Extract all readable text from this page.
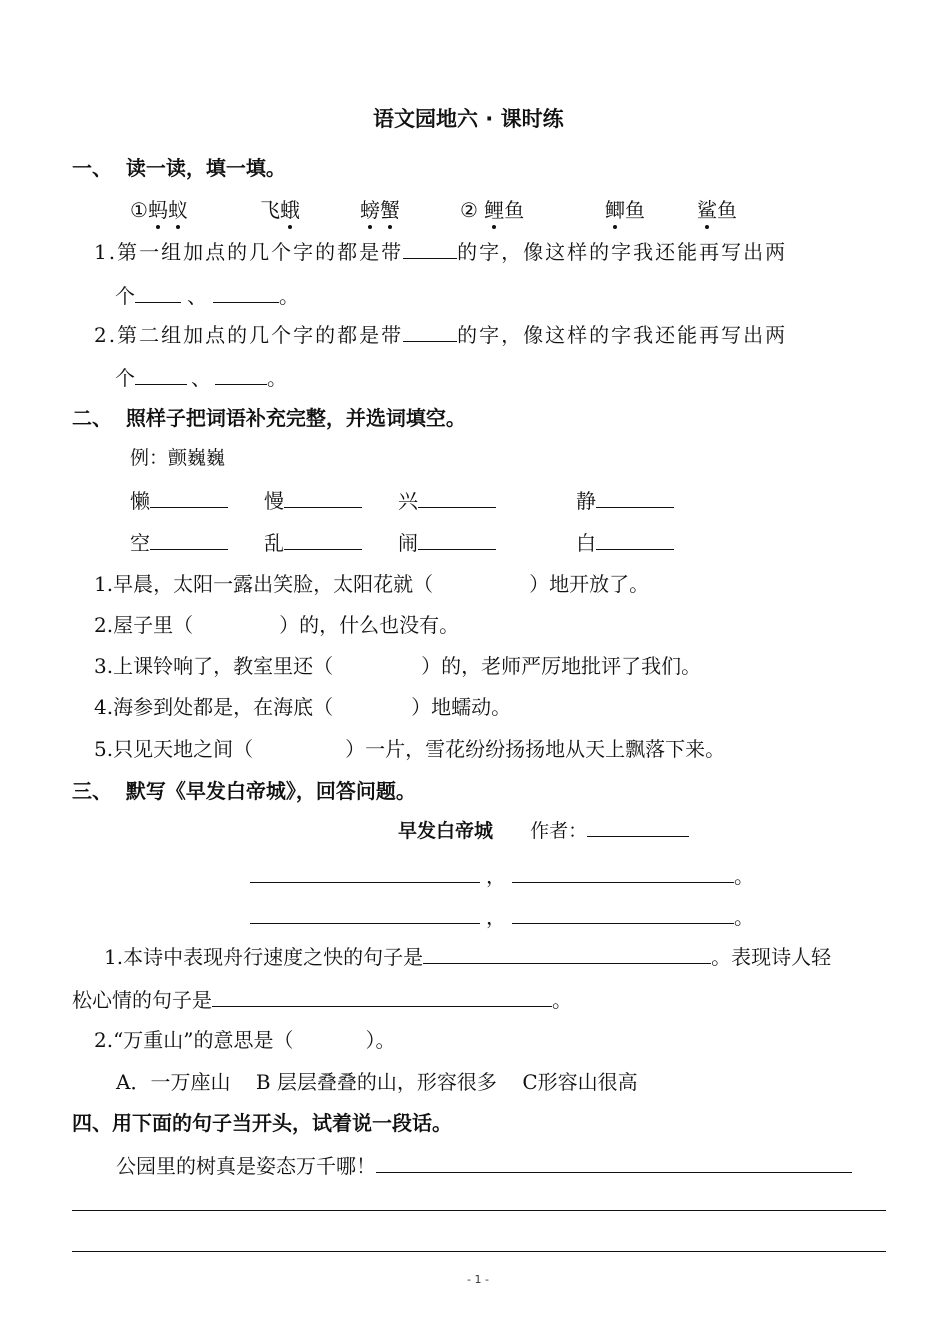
语文园地六 · 课时练
一、  读一读，填一填。
①蚂蚁	飞蛾	螃蟹	② 鲤鱼	鲫鱼	鲨鱼
1.第一组加点的几个字的都是带	的字，像这样的字我还能再写出两
个	、	。
2.第二组加点的几个字的都是带	的字，像这样的字我还能再写出两
个	、	。
二、  照样子把词语补充完整，并选词填空。
例：颤巍巍
懒	慢	兴	静
空	乱	闹	白
1.早晨，太阳一露出笑脸，太阳花就（	）地开放了。
2.屋子里（	）的，什么也没有。
3.上课铃响了，教室里还（	）的，老师严厉地批评了我们。
4.海参到处都是，在海底（	）地蠕动。
5.只见天地之间（	）一片，雪花纷纷扬扬地从天上飘落下来。
三、  默写《早发白帝城》，回答问题。
早发白帝城 作者：
，	。
，	。
1.本诗中表现舟行速度之快的句子是	。表现诗人轻
松心情的句子是	。
2.“万重山”的意思是（	）。
A．一万座山    B 层层叠叠的山，形容很多    C形容山很高
四、用下面的句子当开头，试着说一段话。
公园里的树真是姿态万千哪！
- 1 -
